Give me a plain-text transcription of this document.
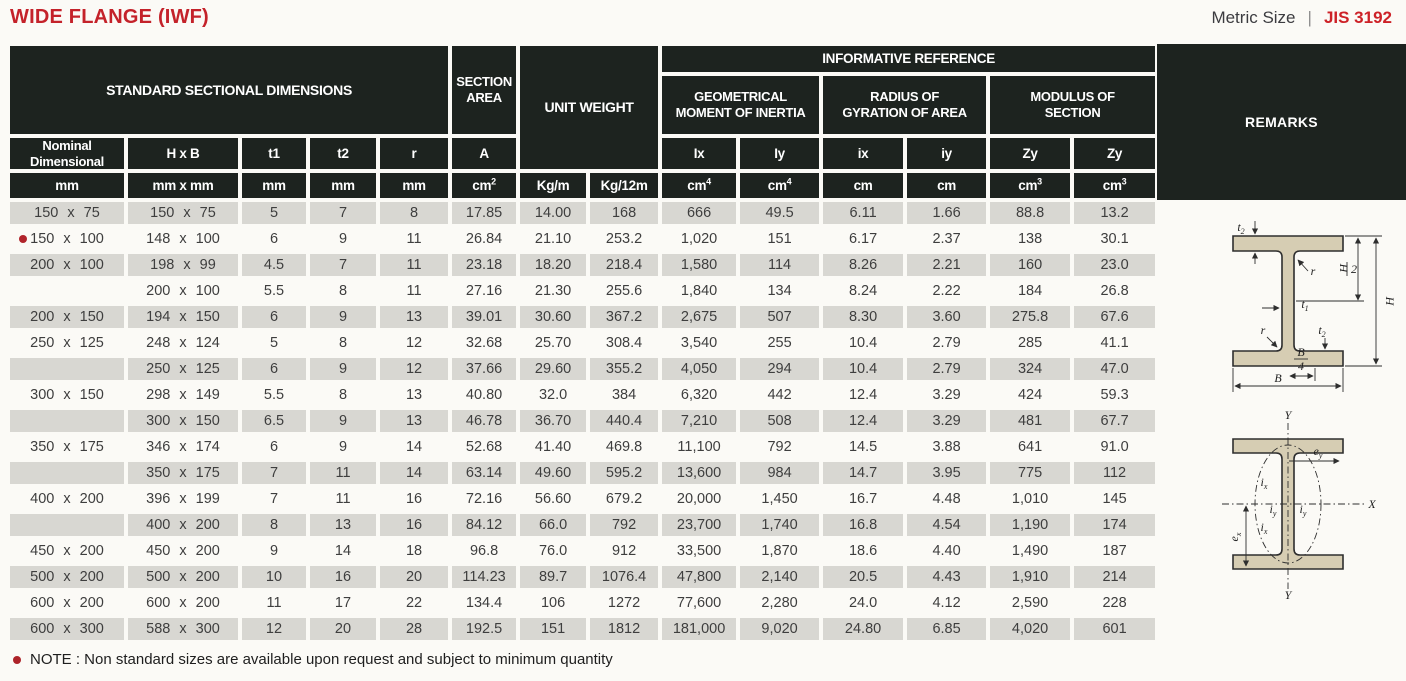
WIDE FLANGE (IWF)	Metric Size | JIS 3192
STANDARD SECTIONAL DIMENSIONS					SECTION
AREA	UNIT WEIGHT		INFORMATIVE REFERENCE					
								GEOMETRICAL
MOMENT OF INERTIA		RADIUS OF
GYRATION OF AREA		MODULUS OF
SECTION	
Nominal
Dimensional	H x B	t1	t2	r	A			Ix	Iy	ix	iy	Zy	Zy
mm	mm x mm	mm	mm	mm	$cm^2$	Kg/m	Kg/12m	$cm^4$	$cm^4$	cm	cm	$cm^3$	$cm^3$
150 x 75	150 x 75	5	7	8	17.85	14.00	168	666	49.5	6.11	1.66	88.8	13.2

150 x 100	148 x 100	6	9	11	26.84	21.10	253.2	1,020	151	6.17	2.37	138	30.1
200 x 100	198 x 99	4.5	7	11	23.18	18.20	218.4	1,580	114	8.26	2.21	160	23.0
	200 x 100	5.5	8	11	27.16	21.30	255.6	1,840	134	8.24	2.22	184	26.8
200 x 150	194 x 150	6	9	13	39.01	30.60	367.2	2,675	507	8.30	3.60	275.8	67.6
250 x 125	248 x 124	5	8	12	32.68	25.70	308.4	3,540	255	10.4	2.79	285	41.1
	250 x 125	6	9	12	37.66	29.60	355.2	4,050	294	10.4	2.79	324	47.0
300 x 150	298 x 149	5.5	8	13	40.80	32.0	384	6,320	442	12.4	3.29	424	59.3
	300 x 150	6.5	9	13	46.78	36.70	440.4	7,210	508	12.4	3.29	481	67.7
350 x 175	346 x 174	6	9	14	52.68	41.40	469.8	11,100	792	14.5	3.88	641	91.0
	350 x 175	7	11	14	63.14	49.60	595.2	13,600	984	14.7	3.95	775	112
400 x 200	396 x 199	7	11	16	72.16	56.60	679.2	20,000	1,450	16.7	4.48	1,010	145
	400 x 200	8	13	16	84.12	66.0	792	23,700	1,740	16.8	4.54	1,190	174
450 x 200	450 x 200	9	14	18	96.8	76.0	912	33,500	1,870	18.6	4.40	1,490	187
500 x 200	500 x 200	10	16	20	114.23	89.7	1076.4	47,800	2,140	20.5	4.43	1,910	214
600 x 200	600 x 200	11	17	22	134.4	106	1272	77,600	2,280	24.0	4.12	2,590	228
600 x 300	588 x 300	12	20	28	192.5	151	1812	181,000	9,020	24.80	6.85	4,020	601
REMARKS
$t_2$
r H 2
H
$t_1$
r	$t_2$
B
4
B

Y
Y
X
$e_y$
$e_x$
$i_x$
$i_y$ $i_y$
$i_x$
NOTE : Non standard sizes are available upon request and subject to minimum quantity
